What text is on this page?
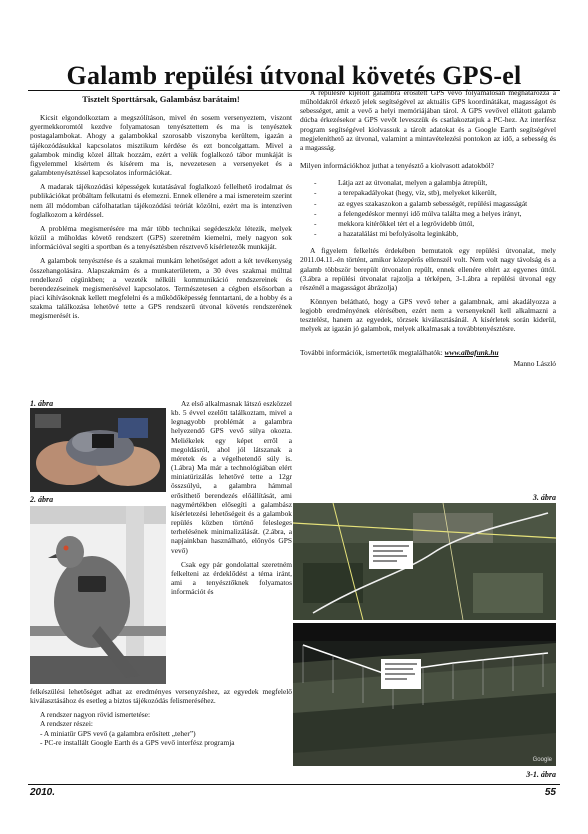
Galamb repülési útvonal követés GPS-el
Tisztelt Sporttársak, Galambász barátaim!

Kicsit elgondolkoztam a megszólításon, mivel én sosem versenyeztem, viszont gyermekkoromtól kezdve folyamatosan tenyésztettem és ma is tenyésztek postagalambokat. Ahogy a galambokkal szorosabb viszonyba kerültem, igazán a tájékozódásukkal kapcsolatos misztikum kérdése és ezt boncolgattam. Mivel a galambok mindig közel álltak hozzám, ezért a velük foglalkozó tábor munkáját is figyelemmel kísértem és kísérem ma is, nevezetesen a versenyeket és a galambtenyésztéssel kapcsolatos információkat.

A madarak tájékozódási képességek kutatásával foglalkozó fellelhető irodalmat és publikációkat próbáltam felkutatni és elemezni. Ennek ellenére a mai ismereteim szerint nem áll módomban cáfolhatatlan tájékozódási teóriát közölni, ezért ma is intenzíven foglalkozom a kérdéssel.

A probléma megismerésére ma már több technikai segédeszköz létezik, melyek közül a műholdas követő rendszert (GPS) szeretném kiemelni, mely nagyon sok információval segíti a sportban és a tenyésztésben résztvevő kísérletezők munkáját.

A galambok tenyésztése és a szakmai munkám lehetőséget adott a két tevékenység összehangolására. Alapszakmám és a munkaterületem, a 30 éves szakmai múlttal rendelkező cégünkben; a vezeték nélküli kommunikáció rendszereinek és berendezéseinek megismerésével kapcsolatos. Természetesen a cégben elsősorban a piaci kihívásoknak kellett megfelelni és a működőképesség fenntartani, de a hobby és a szakma találkozása lehetővé tette a GPS rendszerű útvonal követés rendszerének megismerését is.

1. ábra
2. ábra

Az első alkalmasnak látszó eszközzel kb. 5 évvel ezelőtt találkoztam, mivel a legnagyobb problémát a galambra helyezendő GPS vevő súlya okozta. Meliékelek egy képet erről a megoldásról, ahol jól látszanak a méretek és a végelhetendő súly is. (1.ábra) Ma már a technológiában elért miniatürizálás lehetővé tette a 12gr összsúlyú, a galambra hámmal erősíthető berendezés előállítását, ami nagymértékben elősegíti a galambász kísérletezési lehetőségeit és a galambok repülés közben történő felesleges terhelésének minimalizálását. (2.ábra, a napjainkban használható, előnyös GPS vevő)

Csak egy pár gondolattal szeretném felkelteni az érdeklődést a téma iránt, ami a tenyésztőknek folyamatos információt és

felkészülési lehetőséget adhat az eredményes versenyzéshez, az egyedek megfelelő kiválasztásához és esetleg a biztos tájékozódás felismeréséhez.

A rendszer nagyon rövid ismertetése:
A rendszer részei:
- A miniatűr GPS vevő (a galambra erősített „teher”)
- PC-re installált Google Earth és a GPS vevő interfész programja

A repülésre kijelölt galambra erősített GPS vevő folyamatosan meghatározza a műholdakról érkező jelek segítségével az aktuális GPS koordinátákat, magasságot és sebességet, amit a vevő a helyi memóriájában tárol. A GPS vevővel ellátott galamb dúcba érkezésekor a GPS vevőt leveszzük és csatlakoztatjuk a PC-hez. Az interfész program segítségével kiolvassuk a tárolt adatokat és a Google Earth segítségével megjeleníthető az útvonal, valamint a mintavételezési pontokon az idő, a sebesség és a magasság.

Milyen információkhoz juthat a tenyésztő a kiolvasott adatokból?
- Látja azt az útvonalat, melyen a galambja átrepült,
- a terepakadályokat (hegy, víz, stb), melyeket kikerült,
- az egyes szakaszokon a galamb sebességét, repülési magasságát
- a felengedéskor mennyi idő múlva találta meg a helyes irányt,
- mekkora kitérőkkel tért el a legrövidebb úttól,
- a hazatalálást mi befolyásolta leginkább,

A figyelem felkeltés érdekében bemutatok egy repülési útvonalat, mely 2011.04.11.-én történt, amikor közepérős ellenszél volt. Nem volt nagy távolság és a galamb többször berepült útvonalon repült, ennek ellenére eltért az egyenes úttól. (3.ábra a repülési útvonalat rajzolja a térképen, 3-1.ábra a repülési útvonal egy részénél a magasságot ábrázolja)

Könnyen belátható, hogy a GPS vevő teher a galambnak, ami akadályozza a legjobb eredményének elérésében, ezért nem a versenyeknél kell alkalmazni a tesztelést, hanem az egyedek, törzsek kiválasztásánál. A kísérletek során kiderül, melyek az igazán jó galambok, melyek alkalmasak a továbbtenyésztésre.

További információk, ismertetők megtalálhatók: www.albafunk.hu
Manno László
3. ábra
Google
3-1. ábra
2010.	55
